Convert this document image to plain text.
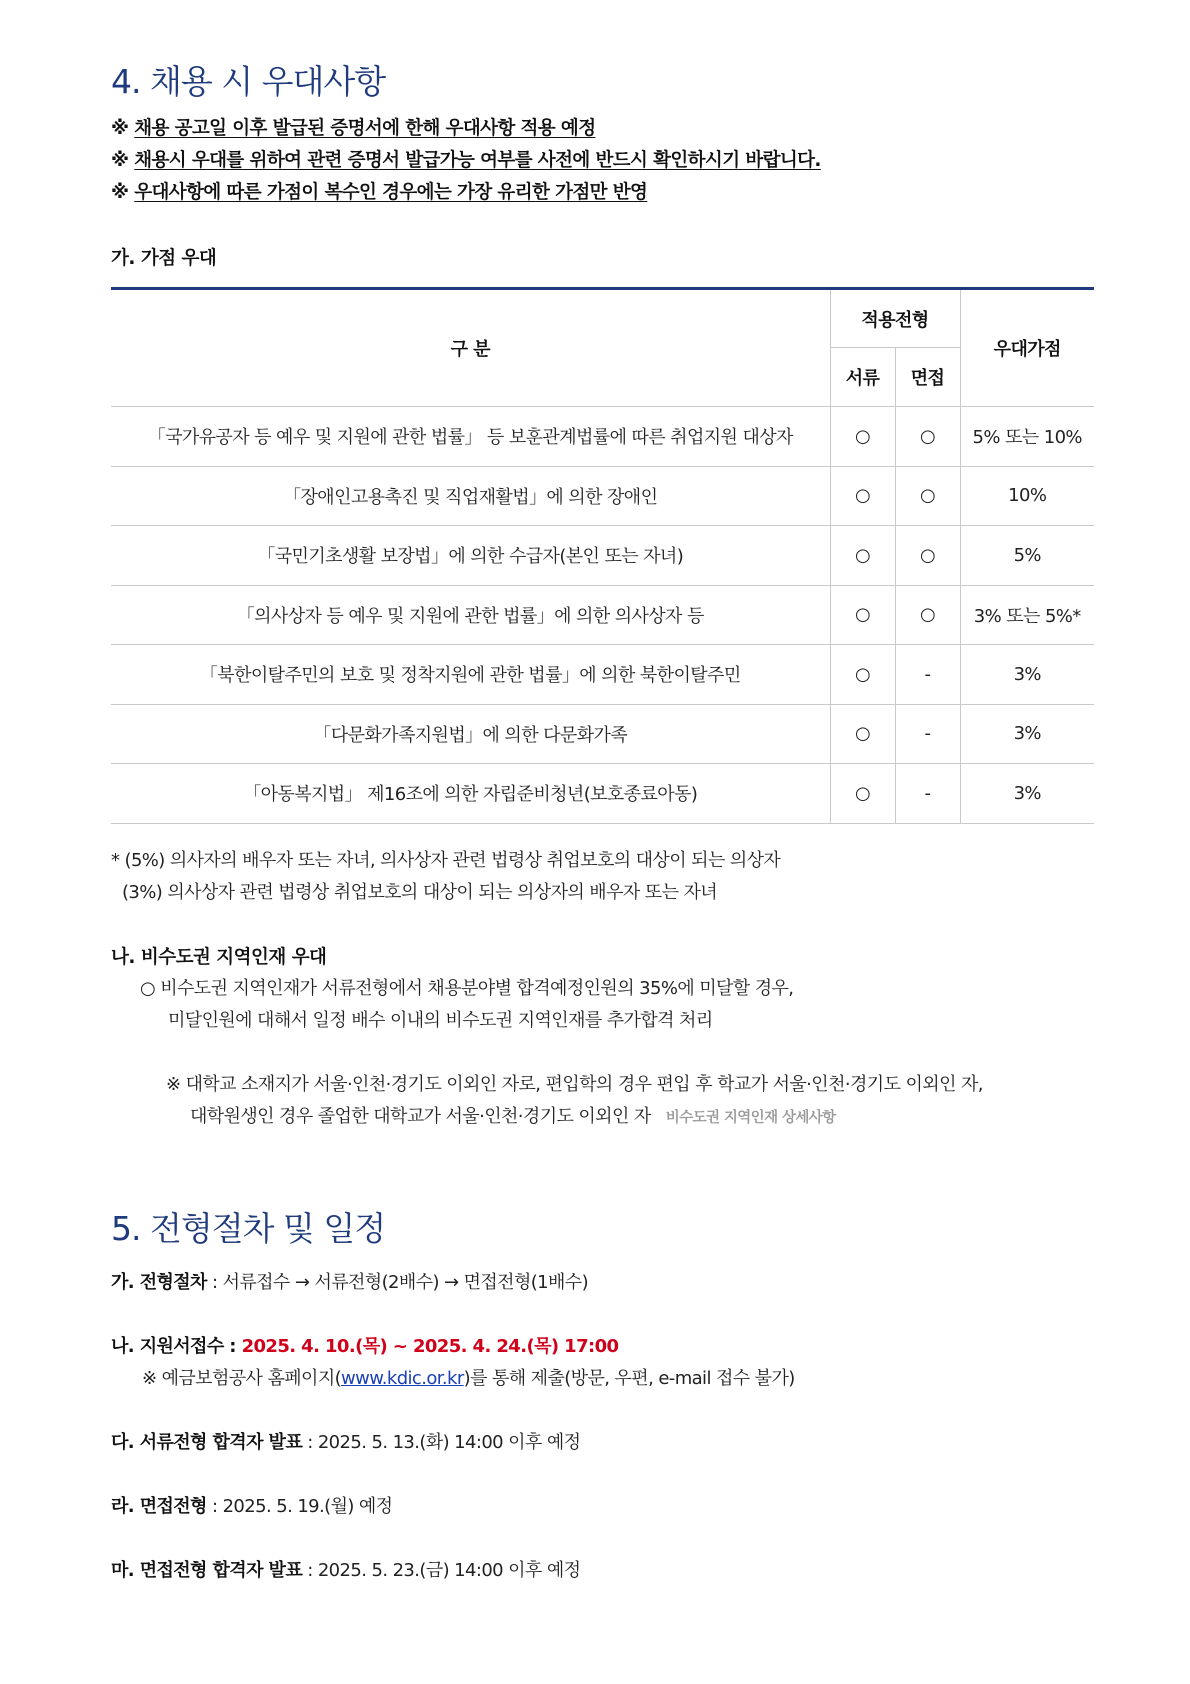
4. 채용 시 우대사항
※ 채용 공고일 이후 발급된 증명서에 한해 우대사항 적용 예정
※ 채용시 우대를 위하여 관련 증명서 발급가능 여부를 사전에 반드시 확인하시기 바랍니다.
※ 우대사항에 따른 가점이 복수인 경우에는 가장 유리한 가점만 반영
가. 가점 우대
구 분	적용전형		우대가점
	서류	면접	
「국가유공자 등 예우 및 지원에 관한 법률」 등 보훈관계법률에 따른 취업지원 대상자	○	○	5% 또는 10%
「장애인고용촉진 및 직업재활법」에 의한 장애인	○	○	10%
「국민기초생활 보장법」에 의한 수급자(본인 또는 자녀)	○	○	5%
「의사상자 등 예우 및 지원에 관한 법률」에 의한 의사상자 등	○	○	3% 또는 5%*
「북한이탈주민의 보호 및 정착지원에 관한 법률」에 의한 북한이탈주민	○	-	3%
「다문화가족지원법」에 의한 다문화가족	○	-	3%
「아동복지법」 제16조에 의한 자립준비청년(보호종료아동)	○	-	3%
* (5%) 의사자의 배우자 또는 자녀, 의사상자 관련 법령상 취업보호의 대상이 되는 의상자
(3%) 의사상자 관련 법령상 취업보호의 대상이 되는 의상자의 배우자 또는 자녀
나. 비수도권 지역인재 우대
○ 비수도권 지역인재가 서류전형에서 채용분야별 합격예정인원의 35%에 미달할 경우,
미달인원에 대해서 일정 배수 이내의 비수도권 지역인재를 추가합격 처리
※ 대학교 소재지가 서울·인천·경기도 이외인 자로, 편입학의 경우 편입 후 학교가 서울·인천·경기도 이외인 자,
대학원생인 경우 졸업한 대학교가 서울·인천·경기도 이외인 자 비수도권 지역인재 상세사항
5. 전형절차 및 일정
가. 전형절차 : 서류접수 → 서류전형(2배수) → 면접전형(1배수)
나. 지원서접수 : 2025. 4. 10.(목) ~ 2025. 4. 24.(목) 17:00
※ 예금보험공사 홈페이지(www.kdic.or.kr)를 통해 제출(방문, 우편, e-mail 접수 불가)
다. 서류전형 합격자 발표 : 2025. 5. 13.(화) 14:00 이후 예정
라. 면접전형 : 2025. 5. 19.(월) 예정
마. 면접전형 합격자 발표 : 2025. 5. 23.(금) 14:00 이후 예정
